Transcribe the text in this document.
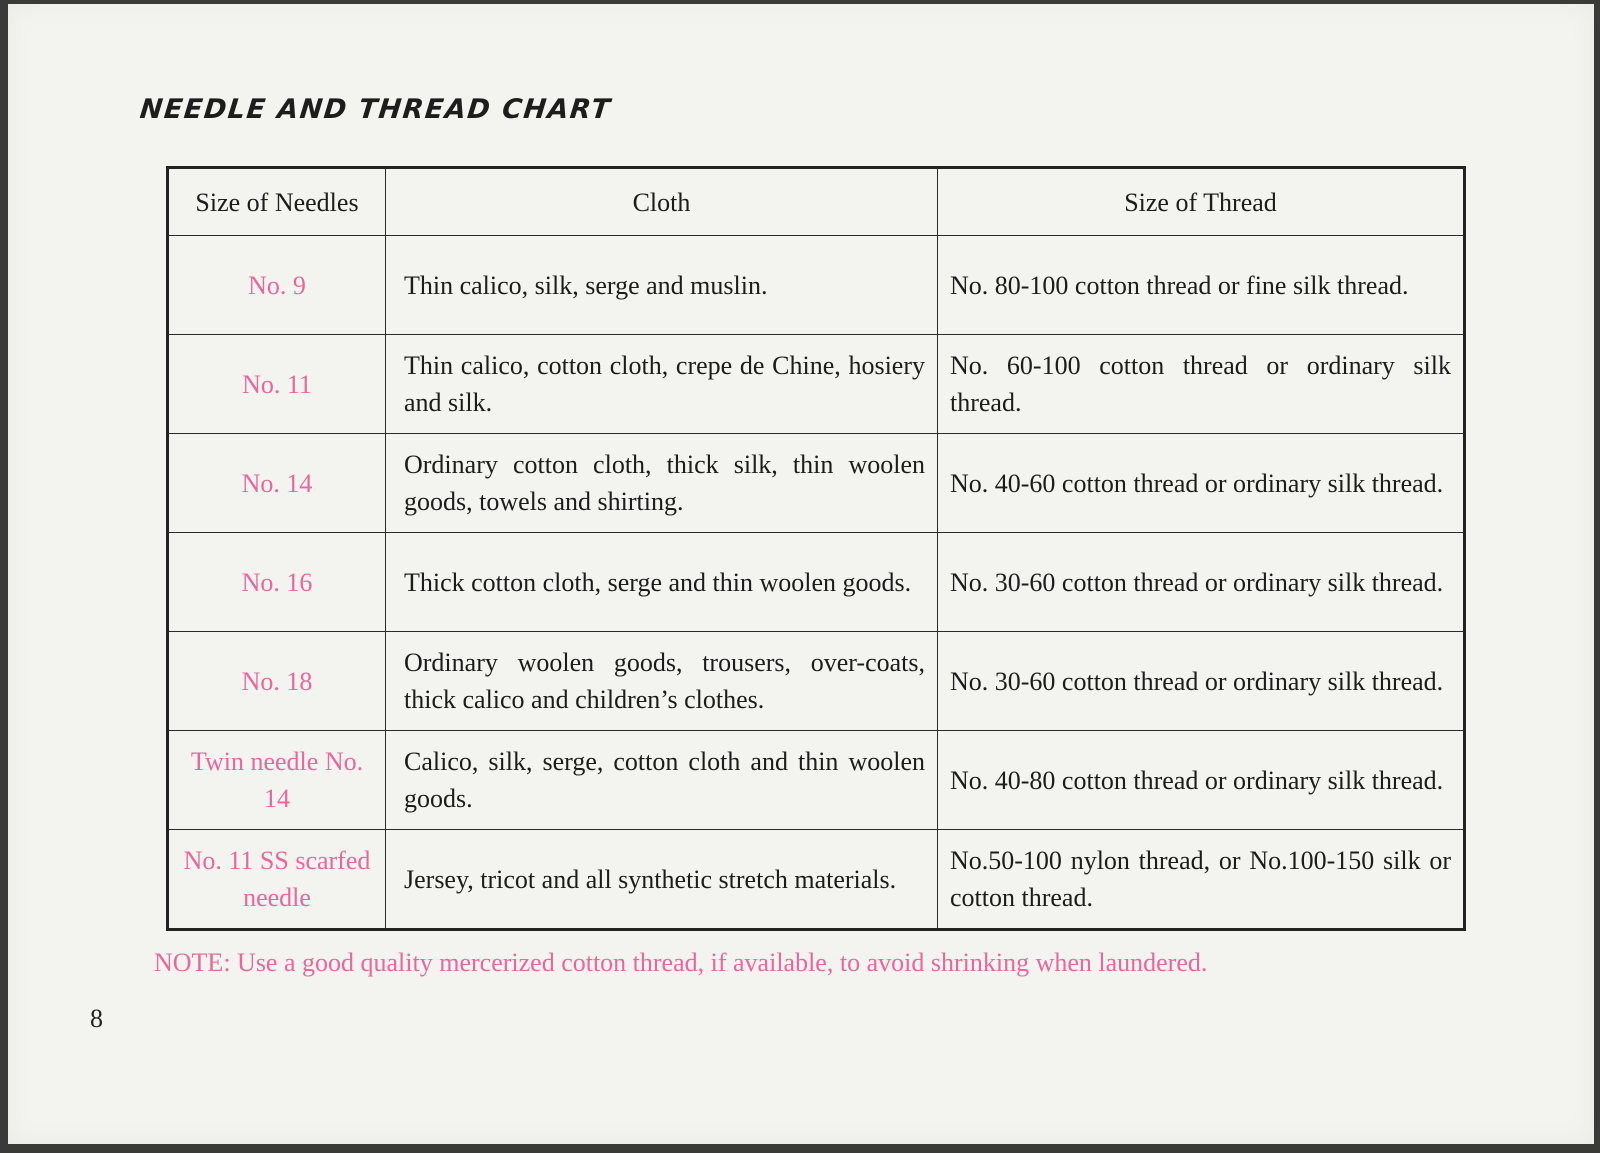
NEEDLE AND THREAD CHART
Size of Needles	Cloth	Size of Thread
No. 9	Thin calico, silk, serge and muslin.	No. 80-100 cotton thread or fine silk thread.
No. 11	Thin calico, cotton cloth, crepe de Chine, hosiery and silk.	No. 60-100 cotton thread or ordinary silk thread.
No. 14	Ordinary cotton cloth, thick silk, thin woolen goods, towels and shirting.	No. 40-60 cotton thread or ordinary silk thread.
No. 16	Thick cotton cloth, serge and thin woolen goods.	No. 30-60 cotton thread or ordinary silk thread.
No. 18	Ordinary woolen goods, trousers, over-coats, thick calico and children’s clothes.	No. 30-60 cotton thread or ordinary silk thread.
Twin needle No. 14	Calico, silk, serge, cotton cloth and thin woolen goods.	No. 40-80 cotton thread or ordinary silk thread.
No. 11 SS scarfed needle	Jersey, tricot and all synthetic stretch materials.	No.50-100 nylon thread, or No.100-150 silk or cotton thread.
NOTE: Use a good quality mercerized cotton thread, if available, to avoid shrinking when laundered.
8
